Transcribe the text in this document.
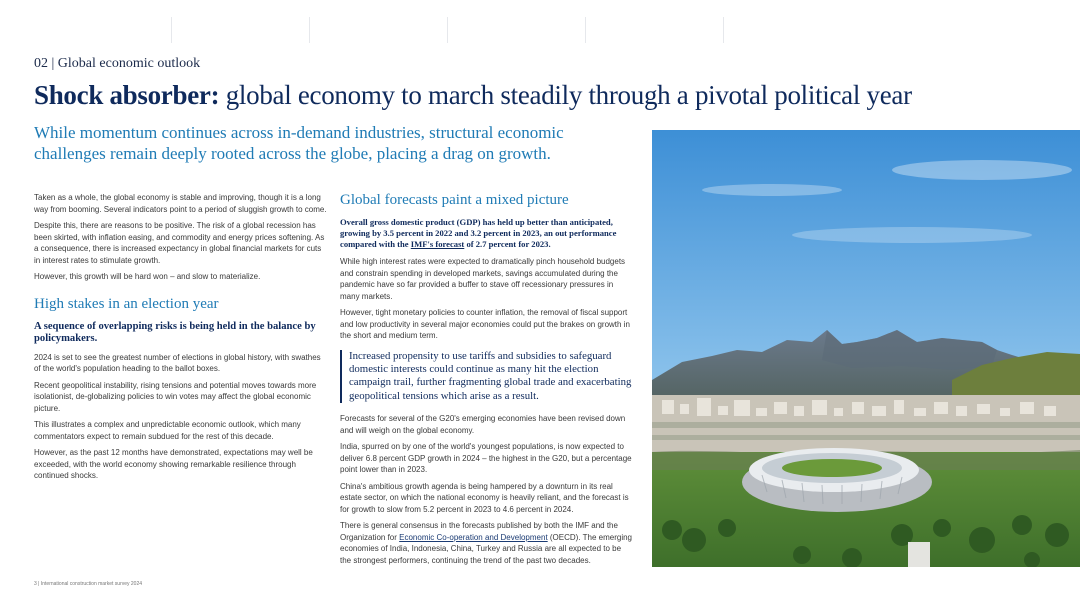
02 | Global economic outlook
Shock absorber: global economy to march steadily through a pivotal political year
While momentum continues across in-demand industries, structural economic challenges remain deeply rooted across the globe, placing a drag on growth.

Taken as a whole, the global economy is stable and improving, though it is a long way from booming. Several indicators point to a period of sluggish growth to come.

Despite this, there are reasons to be positive. The risk of a global recession has been skirted, with inflation easing, and commodity and energy prices softening. As a consequence, there is increased expectancy in global financial markets for cuts in interest rates to stimulate growth.

However, this growth will be hard won – and slow to materialize.

High stakes in an election year
A sequence of overlapping risks is being held in the balance by policymakers.

2024 is set to see the greatest number of elections in global history, with swathes of the world's population heading to the ballot boxes.

Recent geopolitical instability, rising tensions and potential moves towards more isolationist, de-globalizing policies to win votes may affect the global economic picture.

This illustrates a complex and unpredictable economic outlook, which many commentators expect to remain subdued for the rest of this decade.

However, as the past 12 months have demonstrated, expectations may well be exceeded, with the world economy showing remarkable resilience through continued shocks.

Global forecasts paint a mixed picture
Overall gross domestic product (GDP) has held up better than anticipated, growing by 3.5 percent in 2022 and 3.2 percent in 2023, an out performance compared with the IMF's forecast of 2.7 percent for 2023.

While high interest rates were expected to dramatically pinch household budgets and constrain spending in developed markets, savings accumulated during the pandemic have so far provided a buffer to stave off recessionary pressures in many markets.

However, tight monetary policies to counter inflation, the removal of fiscal support and low productivity in several major economies could put the brakes on growth in the short and medium term.

Increased propensity to use tariffs and subsidies to safeguard domestic interests could continue as many hit the election campaign trail, further fragmenting global trade and exacerbating geopolitical tensions which arise as a result.

Forecasts for several of the G20's emerging economies have been revised down and will weigh on the global economy.

India, spurred on by one of the world's youngest populations, is now expected to deliver 6.8 percent GDP growth in 2024 – the highest in the G20, but a percentage point lower than in 2023.

China's ambitious growth agenda is being hampered by a downturn in its real estate sector, on which the national economy is heavily reliant, and the forecast is for growth to slow from 5.2 percent in 2023 to 4.6 percent in 2024.

There is general consensus in the forecasts published by both the IMF and the Organization for Economic Co-operation and Development (OECD). The emerging economies of India, Indonesia, China, Turkey and Russia are all expected to be the strongest performers, continuing the trend of the past two decades.

3 | International construction market survey 2024
